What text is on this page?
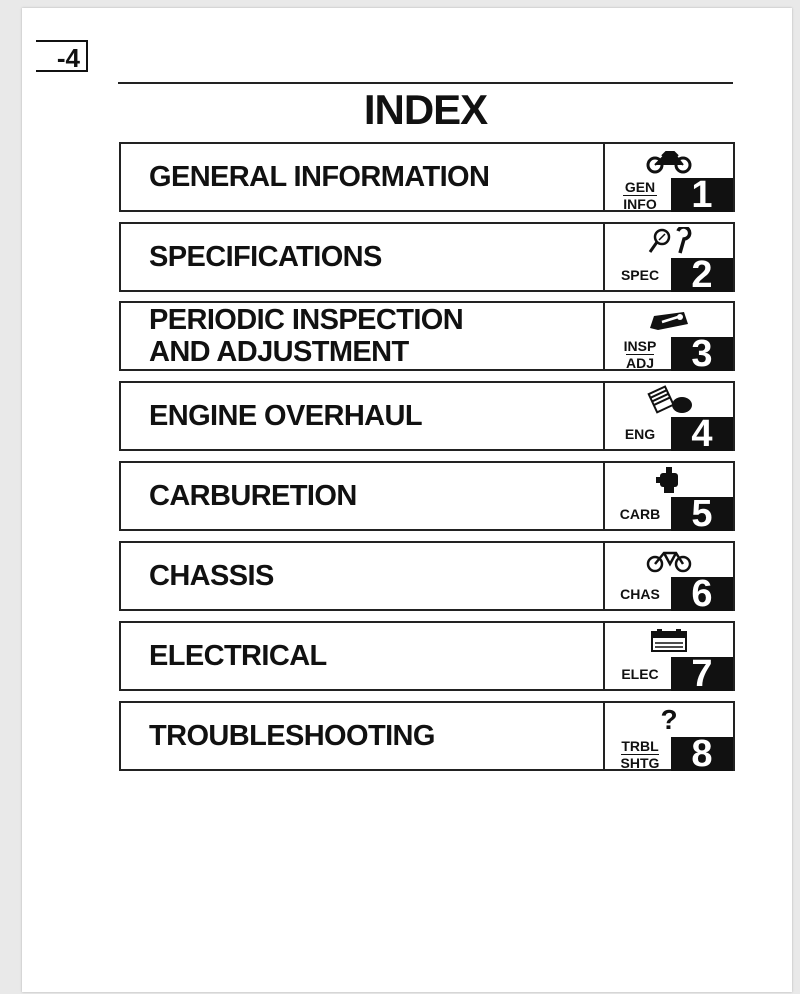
-4
INDEX
GENERAL INFORMATION	GEN
INFO 1
SPECIFICATIONS
SPEC 2
PERIODIC INSPECTION
AND ADJUSTMENT	INSP
ADJ 3
ENGINE OVERHAUL
ENG 4
CARBURETION
CARB 5
CHASSIS
CHAS 6
ELECTRICAL
ELEC 7
TROUBLESHOOTING
?
TRBL
SHTG 8
